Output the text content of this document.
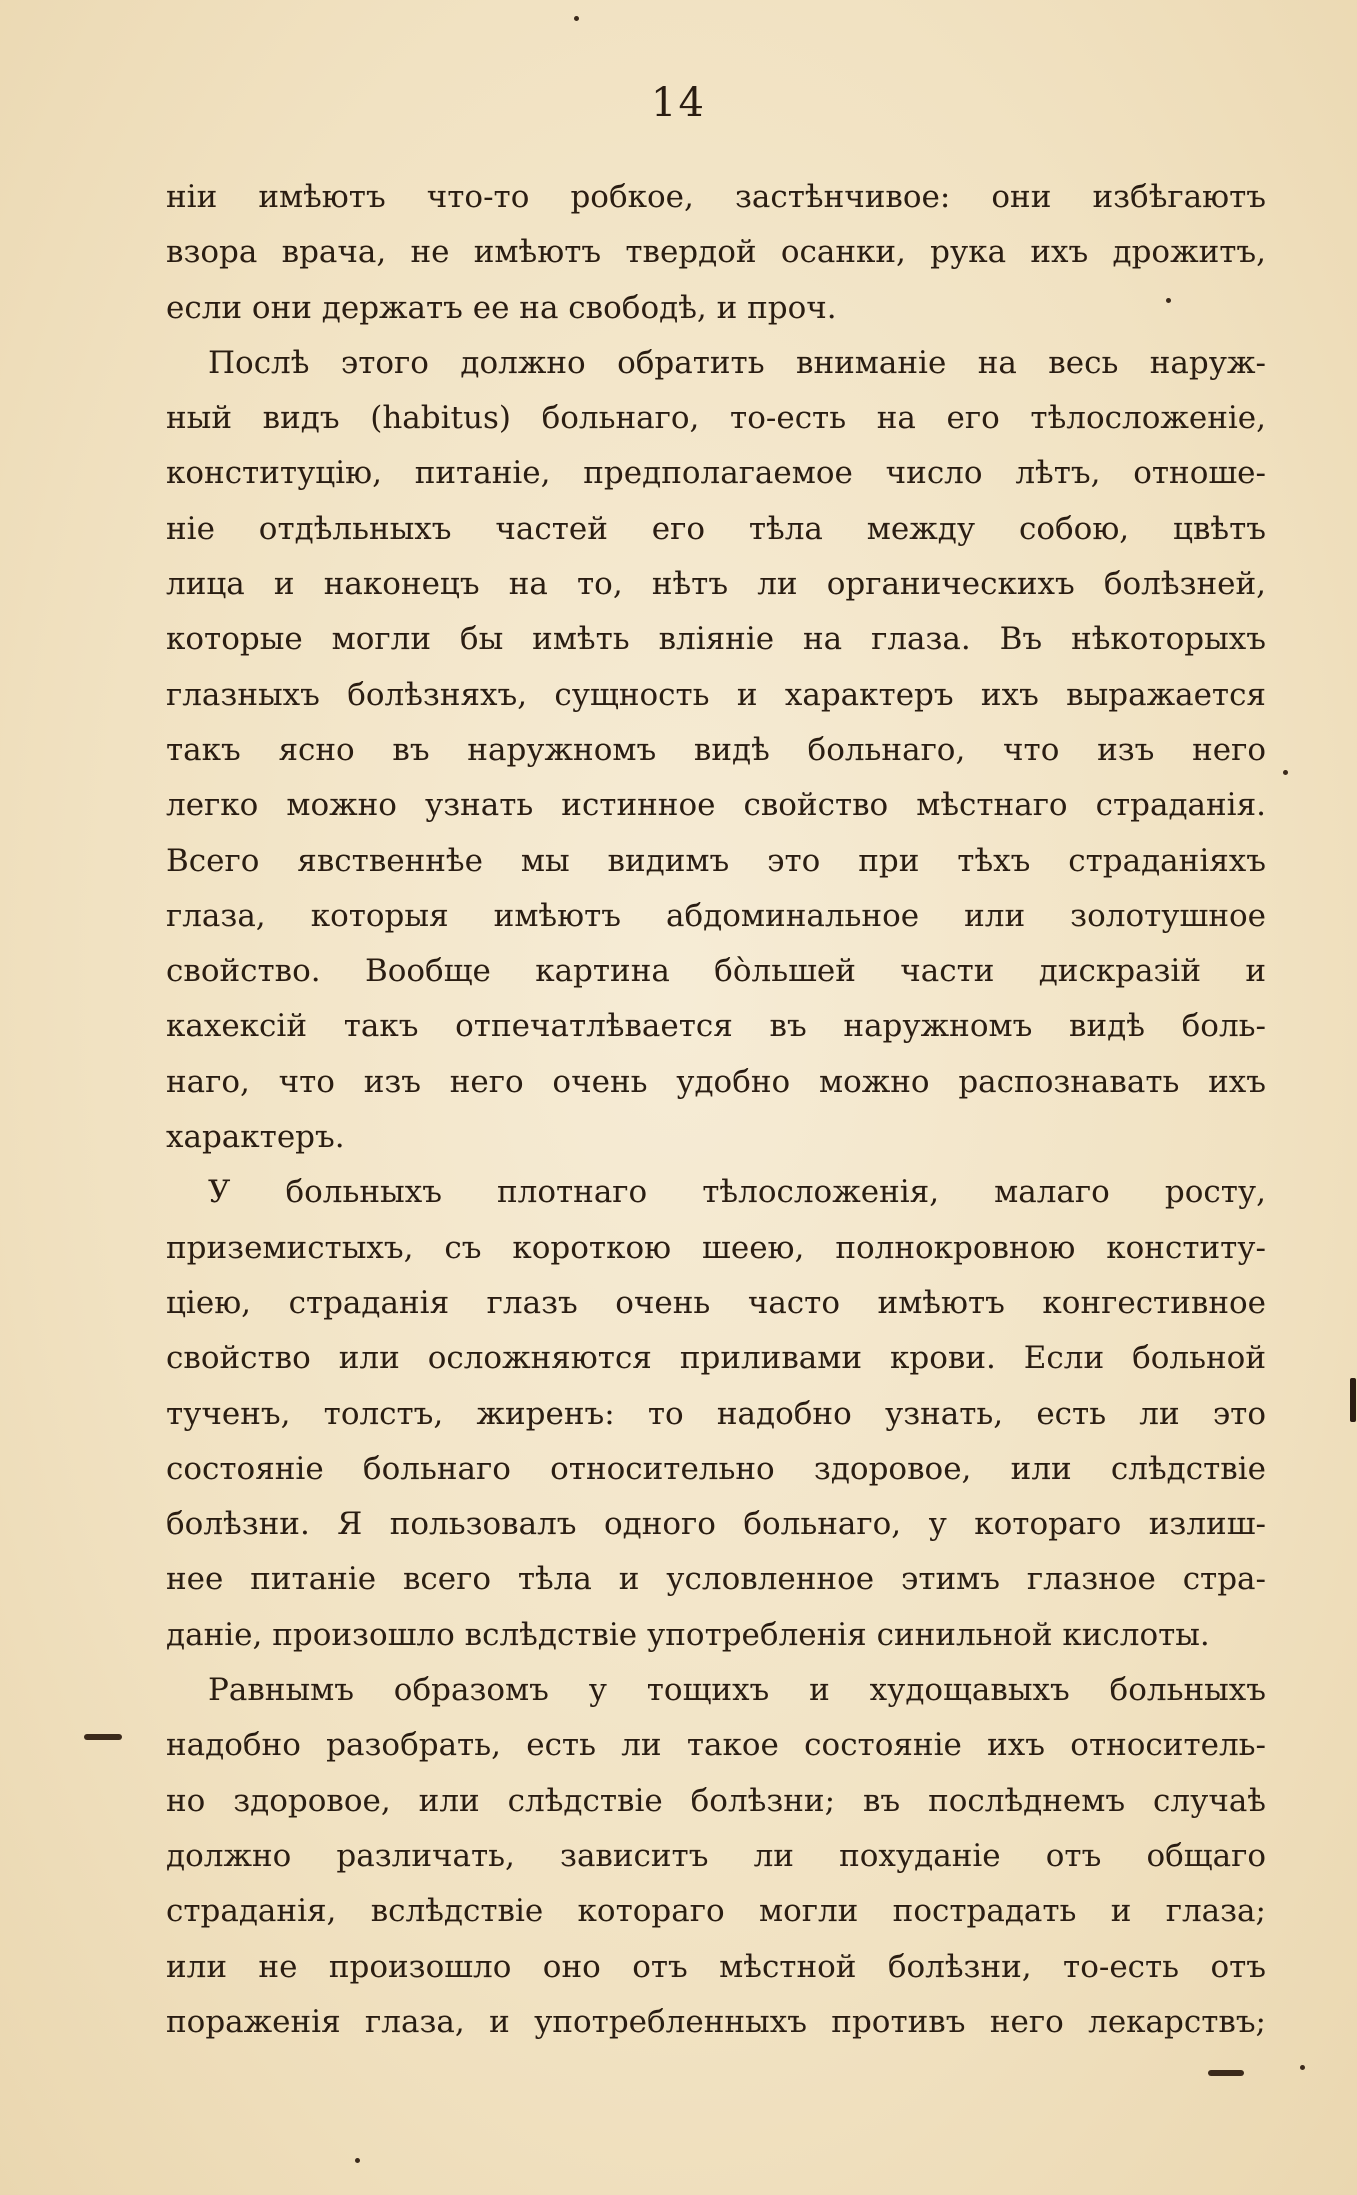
14
ніи имѣютъ что-то робкое, застѣнчивое: они избѣгаютъ
взора врача, не имѣютъ твердой осанки, рука ихъ дрожитъ,
если они держатъ ее на свободѣ, и проч.
Послѣ этого должно обратить вниманіе на весь наруж-
ный видъ (habitus) больнаго, то-есть на его тѣлосложеніе,
конституцію, питаніе, предполагаемое число лѣтъ, отноше-
ніе отдѣльныхъ частей его тѣла между собою, цвѣтъ
лица и наконецъ на то, нѣтъ ли органическихъ болѣзней,
которые могли бы имѣть вліяніе на глаза. Въ нѣкоторыхъ
глазныхъ болѣзняхъ, сущность и характеръ ихъ выражается
такъ ясно въ наружномъ видѣ больнаго, что изъ него
легко можно узнать истинное свойство мѣстнаго страданія.
Всего явственнѣе мы видимъ это при тѣхъ страданіяхъ
глаза, которыя имѣютъ абдоминальное или золотушное
свойство. Вообще картина бòльшей части дискразій и
кахексій такъ отпечатлѣвается въ наружномъ видѣ боль-
наго, что изъ него очень удобно можно распознавать ихъ
характеръ.
У больныхъ плотнаго тѣлосложенія, малаго росту,
приземистыхъ, съ короткою шеею, полнокровною конститу-
ціею, страданія глазъ очень часто имѣютъ конгестивное
свойство или осложняются приливами крови. Если больной
тученъ, толстъ, жиренъ: то надобно узнать, есть ли это
состояніе больнаго относительно здоровое, или слѣдствіе
болѣзни. Я пользовалъ одного больнаго, у котораго излиш-
нее питаніе всего тѣла и условленное этимъ глазное стра-
даніе, произошло вслѣдствіе употребленія синильной кислоты.
Равнымъ образомъ у тощихъ и худощавыхъ больныхъ
надобно разобрать, есть ли такое состояніе ихъ относитель-
но здоровое, или слѣдствіе болѣзни; въ послѣднемъ случаѣ
должно различать, зависитъ ли похуданіе отъ общаго
страданія, вслѣдствіе котораго могли пострадать и глаза;
или не произошло оно отъ мѣстной болѣзни, то-есть отъ
пораженія глаза, и употребленныхъ противъ него лекарствъ;
